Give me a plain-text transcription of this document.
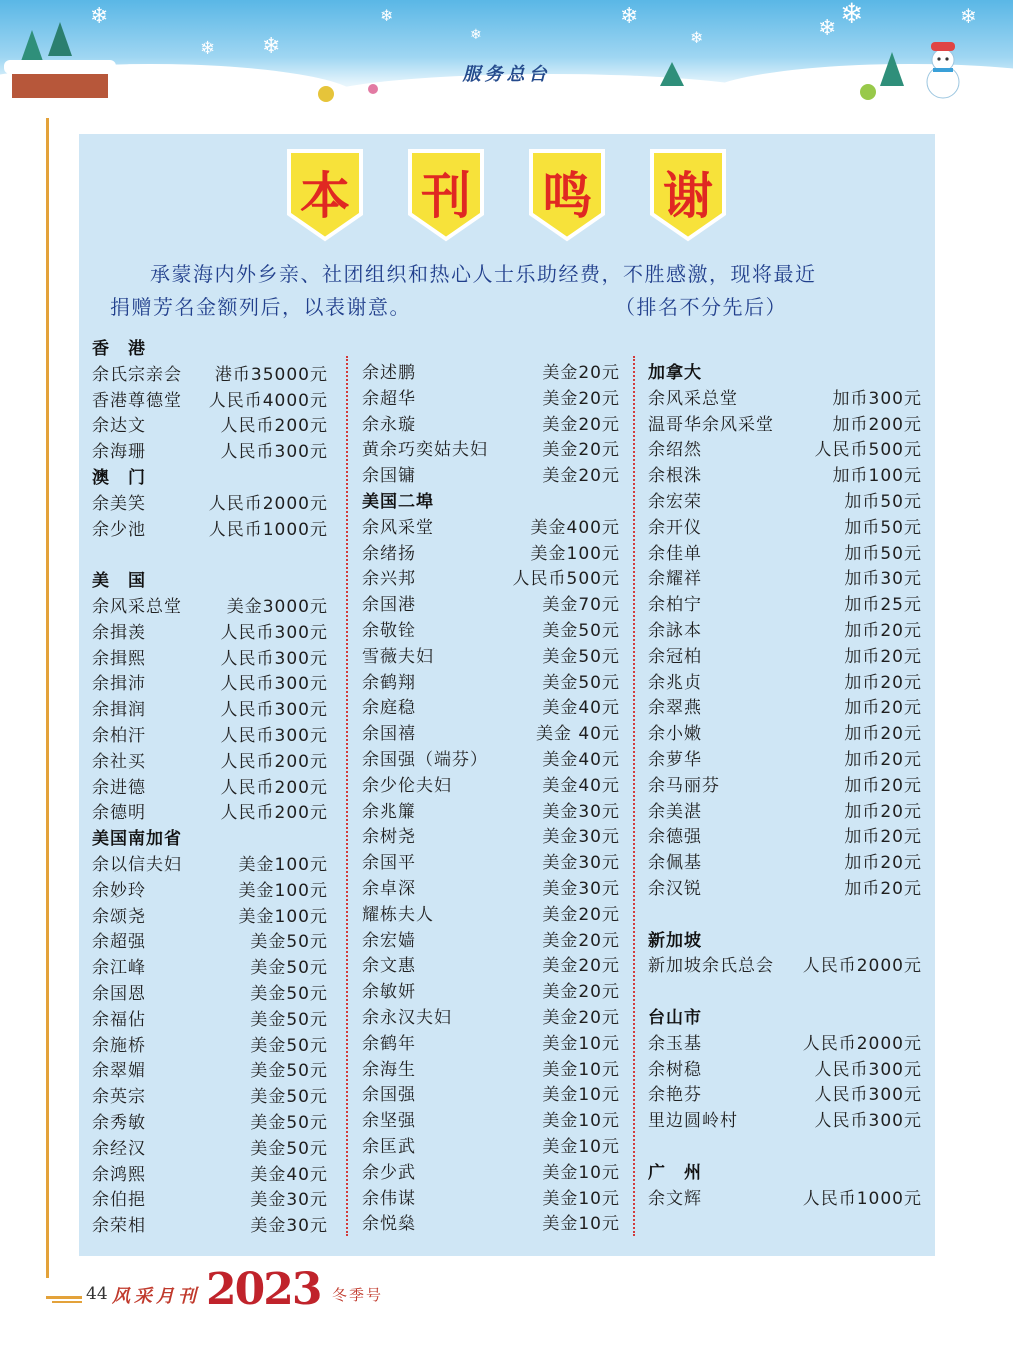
❄
❄ ❄
❄
❄
❄
❄	❄ ❄	❄
服务总台
本 刊 鸣 谢
承蒙海内外乡亲、社团组织和热心人士乐助经费，不胜感激，现将最近
捐赠芳名金额列后，以表谢意。	（排名不分先后）
香　港
余氏宗亲会 港币35000元
香港尊德堂 人民币4000元
余达文	人民币200元
余海珊	人民币300元
澳　门
余美笑	人民币2000元
余少池	人民币1000元
美　国
余风采总堂	美金3000元
余揖羡	人民币300元
余揖熙	人民币300元
余揖沛	人民币300元
余揖润	人民币300元
余柏汗	人民币300元
余社买	人民币200元
余进德	人民币200元
余德明	人民币200元
美国南加省
余以信夫妇	美金100元
余妙玲	美金100元
余颂尧	美金100元
余超强	美金50元
余江峰	美金50元
余国恩	美金50元
余福佔	美金50元
余施桥	美金50元
余翠媚	美金50元
余英宗	美金50元
余秀敏	美金50元
余经汉	美金50元
余鸿熙	美金40元
余伯挹	美金30元
余荣相	美金30元
余述鹏	美金20元
余超华	美金20元
余永璇	美金20元
黄余巧奕姑夫妇	美金20元
余国镛	美金20元
美国二埠
余风采堂	美金400元
余绪扬	美金100元
余兴邦	人民币500元
余国港	美金70元
余敬铨	美金50元
雪薇夫妇	美金50元
余鹤翔	美金50元
余庭稳	美金40元
余国禧	美金 40元
余国强（端芬）	美金40元
余少伦夫妇	美金40元
余兆簾	美金30元
余树尧	美金30元
余国平	美金30元
余卓深	美金30元
耀栋夫人	美金20元
余宏嫱	美金20元
余文惠	美金20元
余敏妍	美金20元
余永汉夫妇	美金20元
余鹤年	美金10元
余海生	美金10元
余国强	美金10元
余坚强	美金10元
余匡武	美金10元
余少武	美金10元
余伟谋	美金10元
余悦燊	美金10元
加拿大
余风采总堂	加币300元
温哥华余风采堂	加币200元
余绍然	人民币500元
余根洙	加币100元
余宏荣	加币50元
余开仪	加币50元
余佳单	加币50元
余耀祥	加币30元
余柏宁	加币25元
余詠本	加币20元
余冠柏	加币20元
余兆贞	加币20元
余翠燕	加币20元
余小嫩	加币20元
余萝华	加币20元
余马丽芬	加币20元
余美湛	加币20元
余德强	加币20元
余佩基	加币20元
余汉锐	加币20元
新加坡
新加坡余氏总会 人民币2000元
台山市
余玉基	人民币2000元
余树稳	人民币300元
余艳芬	人民币300元
里边圆岭村	人民币300元
广　州
余文辉	人民币1000元
44 风采月刊 2023 冬季号
